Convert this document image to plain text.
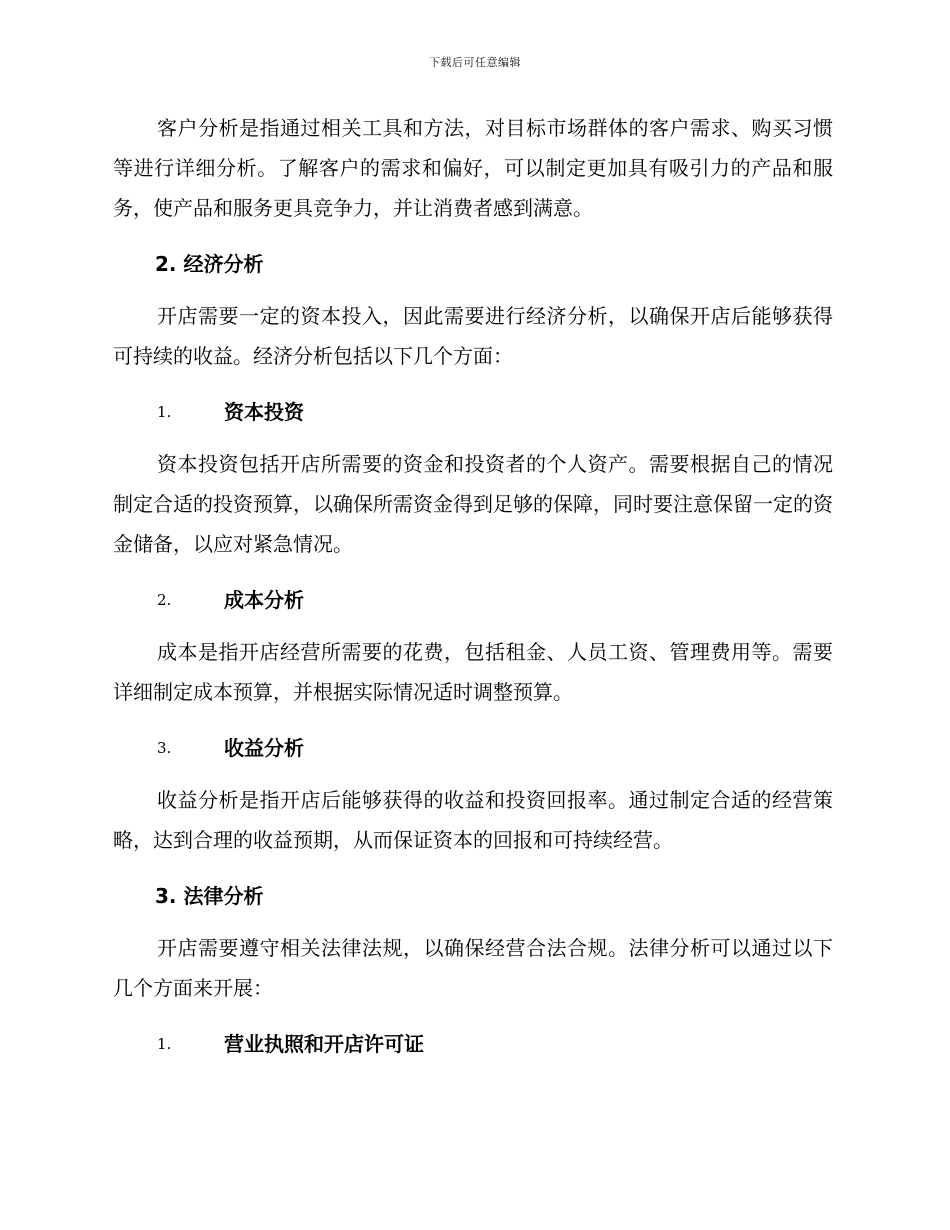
下载后可任意编辑

客户分析是指通过相关工具和方法，对目标市场群体的客户需求、购买习惯等进行详细分析。了解客户的需求和偏好，可以制定更加具有吸引力的产品和服务，使产品和服务更具竞争力，并让消费者感到满意。

2. 经济分析

开店需要一定的资本投入，因此需要进行经济分析，以确保开店后能够获得可持续的收益。经济分析包括以下几个方面：

1.	资本投资

资本投资包括开店所需要的资金和投资者的个人资产。需要根据自己的情况制定合适的投资预算，以确保所需资金得到足够的保障，同时要注意保留一定的资金储备，以应对紧急情况。

2.	成本分析

成本是指开店经营所需要的花费，包括租金、人员工资、管理费用等。需要详细制定成本预算，并根据实际情况适时调整预算。

3.	收益分析

收益分析是指开店后能够获得的收益和投资回报率。通过制定合适的经营策略，达到合理的收益预期，从而保证资本的回报和可持续经营。

3. 法律分析

开店需要遵守相关法律法规，以确保经营合法合规。法律分析可以通过以下几个方面来开展：

1.	营业执照和开店许可证
